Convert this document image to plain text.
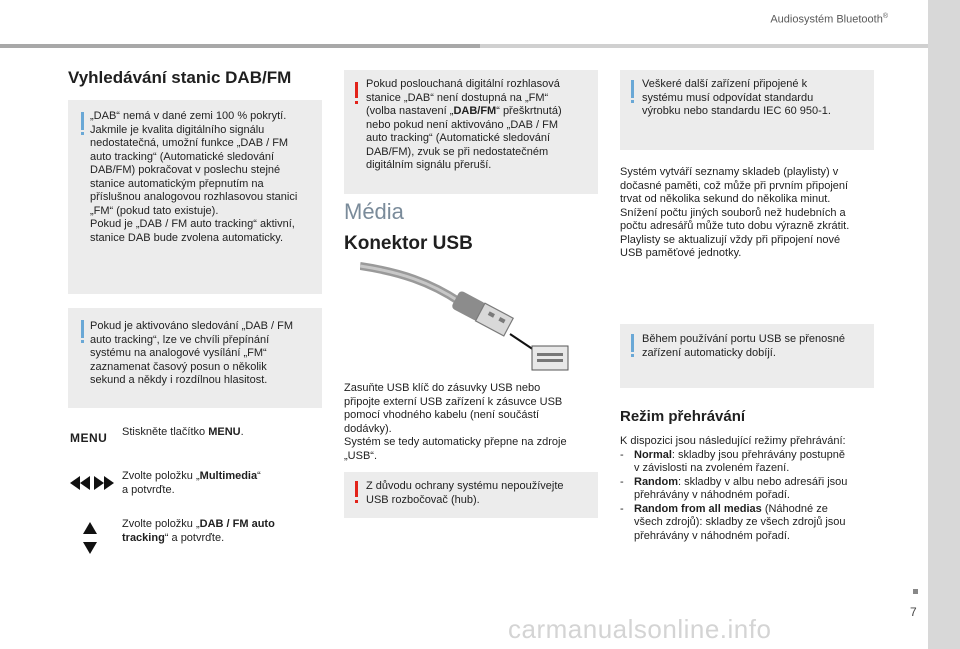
Audiosystém Bluetooth®
7
Vyhledávání stanic DAB/FM
„DAB“ nemá v dané zemi 100 % pokrytí.
Jakmile je kvalita digitálního signálu
nedostatečná, umožní funkce „DAB / FM
auto tracking“ (Automatické sledování
DAB/FM) pokračovat v poslechu stejné
stanice automatickým přepnutím na
příslušnou analogovou rozhlasovou stanici
„FM“ (pokud tato existuje).
Pokud je „DAB / FM auto tracking“ aktivní,
stanice DAB bude zvolena automaticky.
Pokud je aktivováno sledování „DAB / FM
auto tracking“, lze ve chvíli přepínání
systému na analogové vysílání „FM“
zaznamenat časový posun o několik
sekund a někdy i rozdílnou hlasitost.
MENU Stiskněte tlačítko MENU.
Zvolte položku „Multimedia“
a potvrďte.
Zvolte položku „DAB / FM auto
tracking“ a potvrďte.
Pokud poslouchaná digitální rozhlasová
stanice „DAB“ není dostupná na „FM“
(volba nastavení „DAB/FM“ přeškrtnutá)
nebo pokud není aktivováno „DAB / FM
auto tracking“ (Automatické sledování
DAB/FM), zvuk se při nedostatečném
digitálním signálu přeruší.
Média
Konektor USB
Zasuňte USB klíč do zásuvky USB nebo
připojte externí USB zařízení k zásuvce USB
pomocí vhodného kabelu (není součástí
dodávky).
Systém se tedy automaticky přepne na zdroje
„USB“.
Z důvodu ochrany systému nepoužívejte
USB rozbočovač (hub).
Veškeré další zařízení připojené k
systému musí odpovídat standardu
výrobku nebo standardu IEC 60 950-1.
Systém vytváří seznamy skladeb (playlisty) v
dočasné paměti, což může při prvním připojení
trvat od několika sekund do několika minut.
Snížení počtu jiných souborů než hudebních a
počtu adresářů může tuto dobu výrazně zkrátit.
Playlisty se aktualizují vždy při připojení nové
USB paměťové jednotky.
Během používání portu USB se přenosné
zařízení automaticky dobíjí.
Režim přehrávání
K dispozici jsou následující režimy přehrávání:
- Normal: skladby jsou přehrávány postupně
v závislosti na zvoleném řazení.
- Random: skladby v albu nebo adresáři jsou
přehrávány v náhodném pořadí.
- Random from all medias (Náhodné ze
všech zdrojů): skladby ze všech zdrojů jsou
přehrávány v náhodném pořadí.
carmanualsonline.info
